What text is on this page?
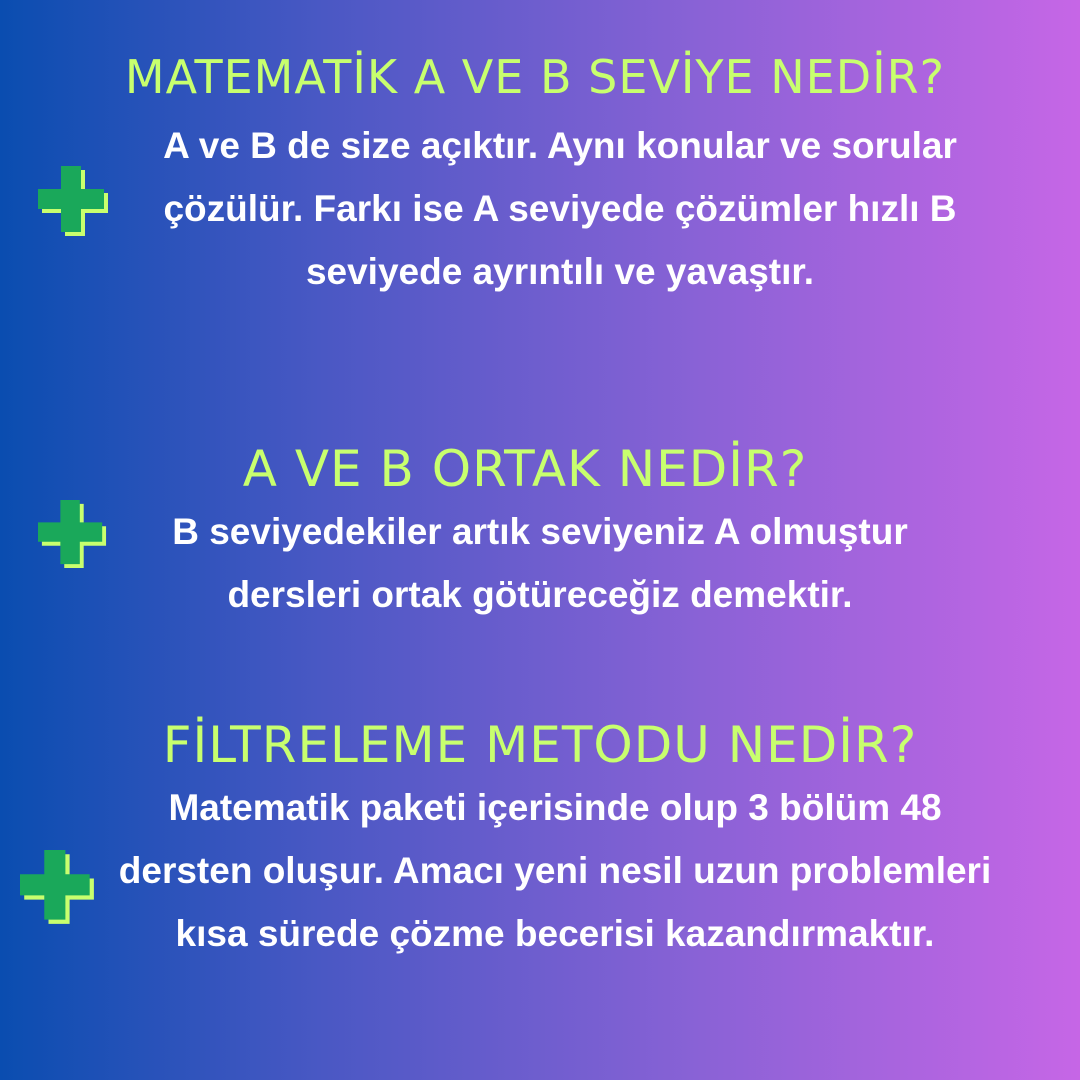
MATEMATİK A VE B SEVİYE NEDİR?

A ve B de size açıktır. Aynı konular ve sorular çözülür. Farkı ise A seviyede çözümler hızlı B seviyede ayrıntılı ve yavaştır.

A VE B ORTAK NEDİR?

B seviyedekiler artık seviyeniz A olmuştur dersleri ortak götüreceğiz demektir.

FİLTRELEME METODU NEDİR?

Matematik paketi içerisinde olup 3 bölüm 48 dersten oluşur. Amacı yeni nesil uzun problemleri kısa sürede çözme becerisi kazandırmaktır.
